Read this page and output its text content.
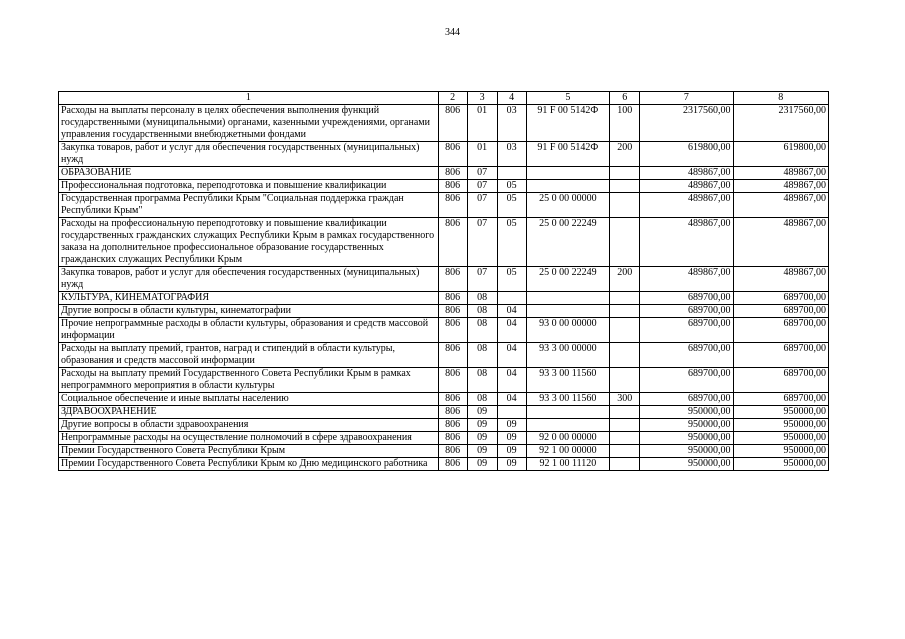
344
1	2	3	4	5	6	7	8
Расходы на выплаты персоналу в целях обеспечения выполнения функций государственными (муниципальными) органами, казенными учреждениями, органами управления государственными внебюджетными фондами	806	01	03	91 F 00 5142Ф	100	2317560,00	2317560,00
Закупка товаров, работ и услуг для обеспечения государственных (муниципальных) нужд	806	01	03	91 F 00 5142Ф	200	619800,00	619800,00
ОБРАЗОВАНИЕ	806	07				489867,00	489867,00
Профессиональная подготовка, переподготовка и повышение квалификации	806	07	05			489867,00	489867,00
Государственная программа Республики Крым "Социальная поддержка граждан Республики Крым"	806	07	05	25 0 00 00000		489867,00	489867,00
Расходы на профессиональную переподготовку и повышение квалификации государственных гражданских служащих Республики Крым в рамках государственного заказа на дополнительное профессиональное образование государственных гражданских служащих Республики Крым	806	07	05	25 0 00 22249		489867,00	489867,00
Закупка товаров, работ и услуг для обеспечения государственных (муниципальных) нужд	806	07	05	25 0 00 22249	200	489867,00	489867,00
КУЛЬТУРА, КИНЕМАТОГРАФИЯ	806	08				689700,00	689700,00
Другие вопросы в области культуры, кинематографии	806	08	04			689700,00	689700,00
Прочие непрограммные расходы в области культуры, образования и средств массовой информации	806	08	04	93 0 00 00000		689700,00	689700,00
Расходы на выплату премий, грантов, наград и стипендий в области культуры, образования и средств массовой информации	806	08	04	93 3 00 00000		689700,00	689700,00
Расходы на выплату премий Государственного Совета Республики Крым в рамках непрограммного мероприятия в области культуры	806	08	04	93 3 00 11560		689700,00	689700,00
Социальное обеспечение и иные выплаты населению	806	08	04	93 3 00 11560	300	689700,00	689700,00
ЗДРАВООХРАНЕНИЕ	806	09				950000,00	950000,00
Другие вопросы в области здравоохранения	806	09	09			950000,00	950000,00
Непрограммные расходы на осуществление полномочий в сфере здравоохранения	806	09	09	92 0 00 00000		950000,00	950000,00
Премии Государственного Совета Республики Крым	806	09	09	92 1 00 00000		950000,00	950000,00
Премии Государственного Совета Республики Крым ко Дню медицинского работника	806	09	09	92 1 00 11120		950000,00	950000,00
